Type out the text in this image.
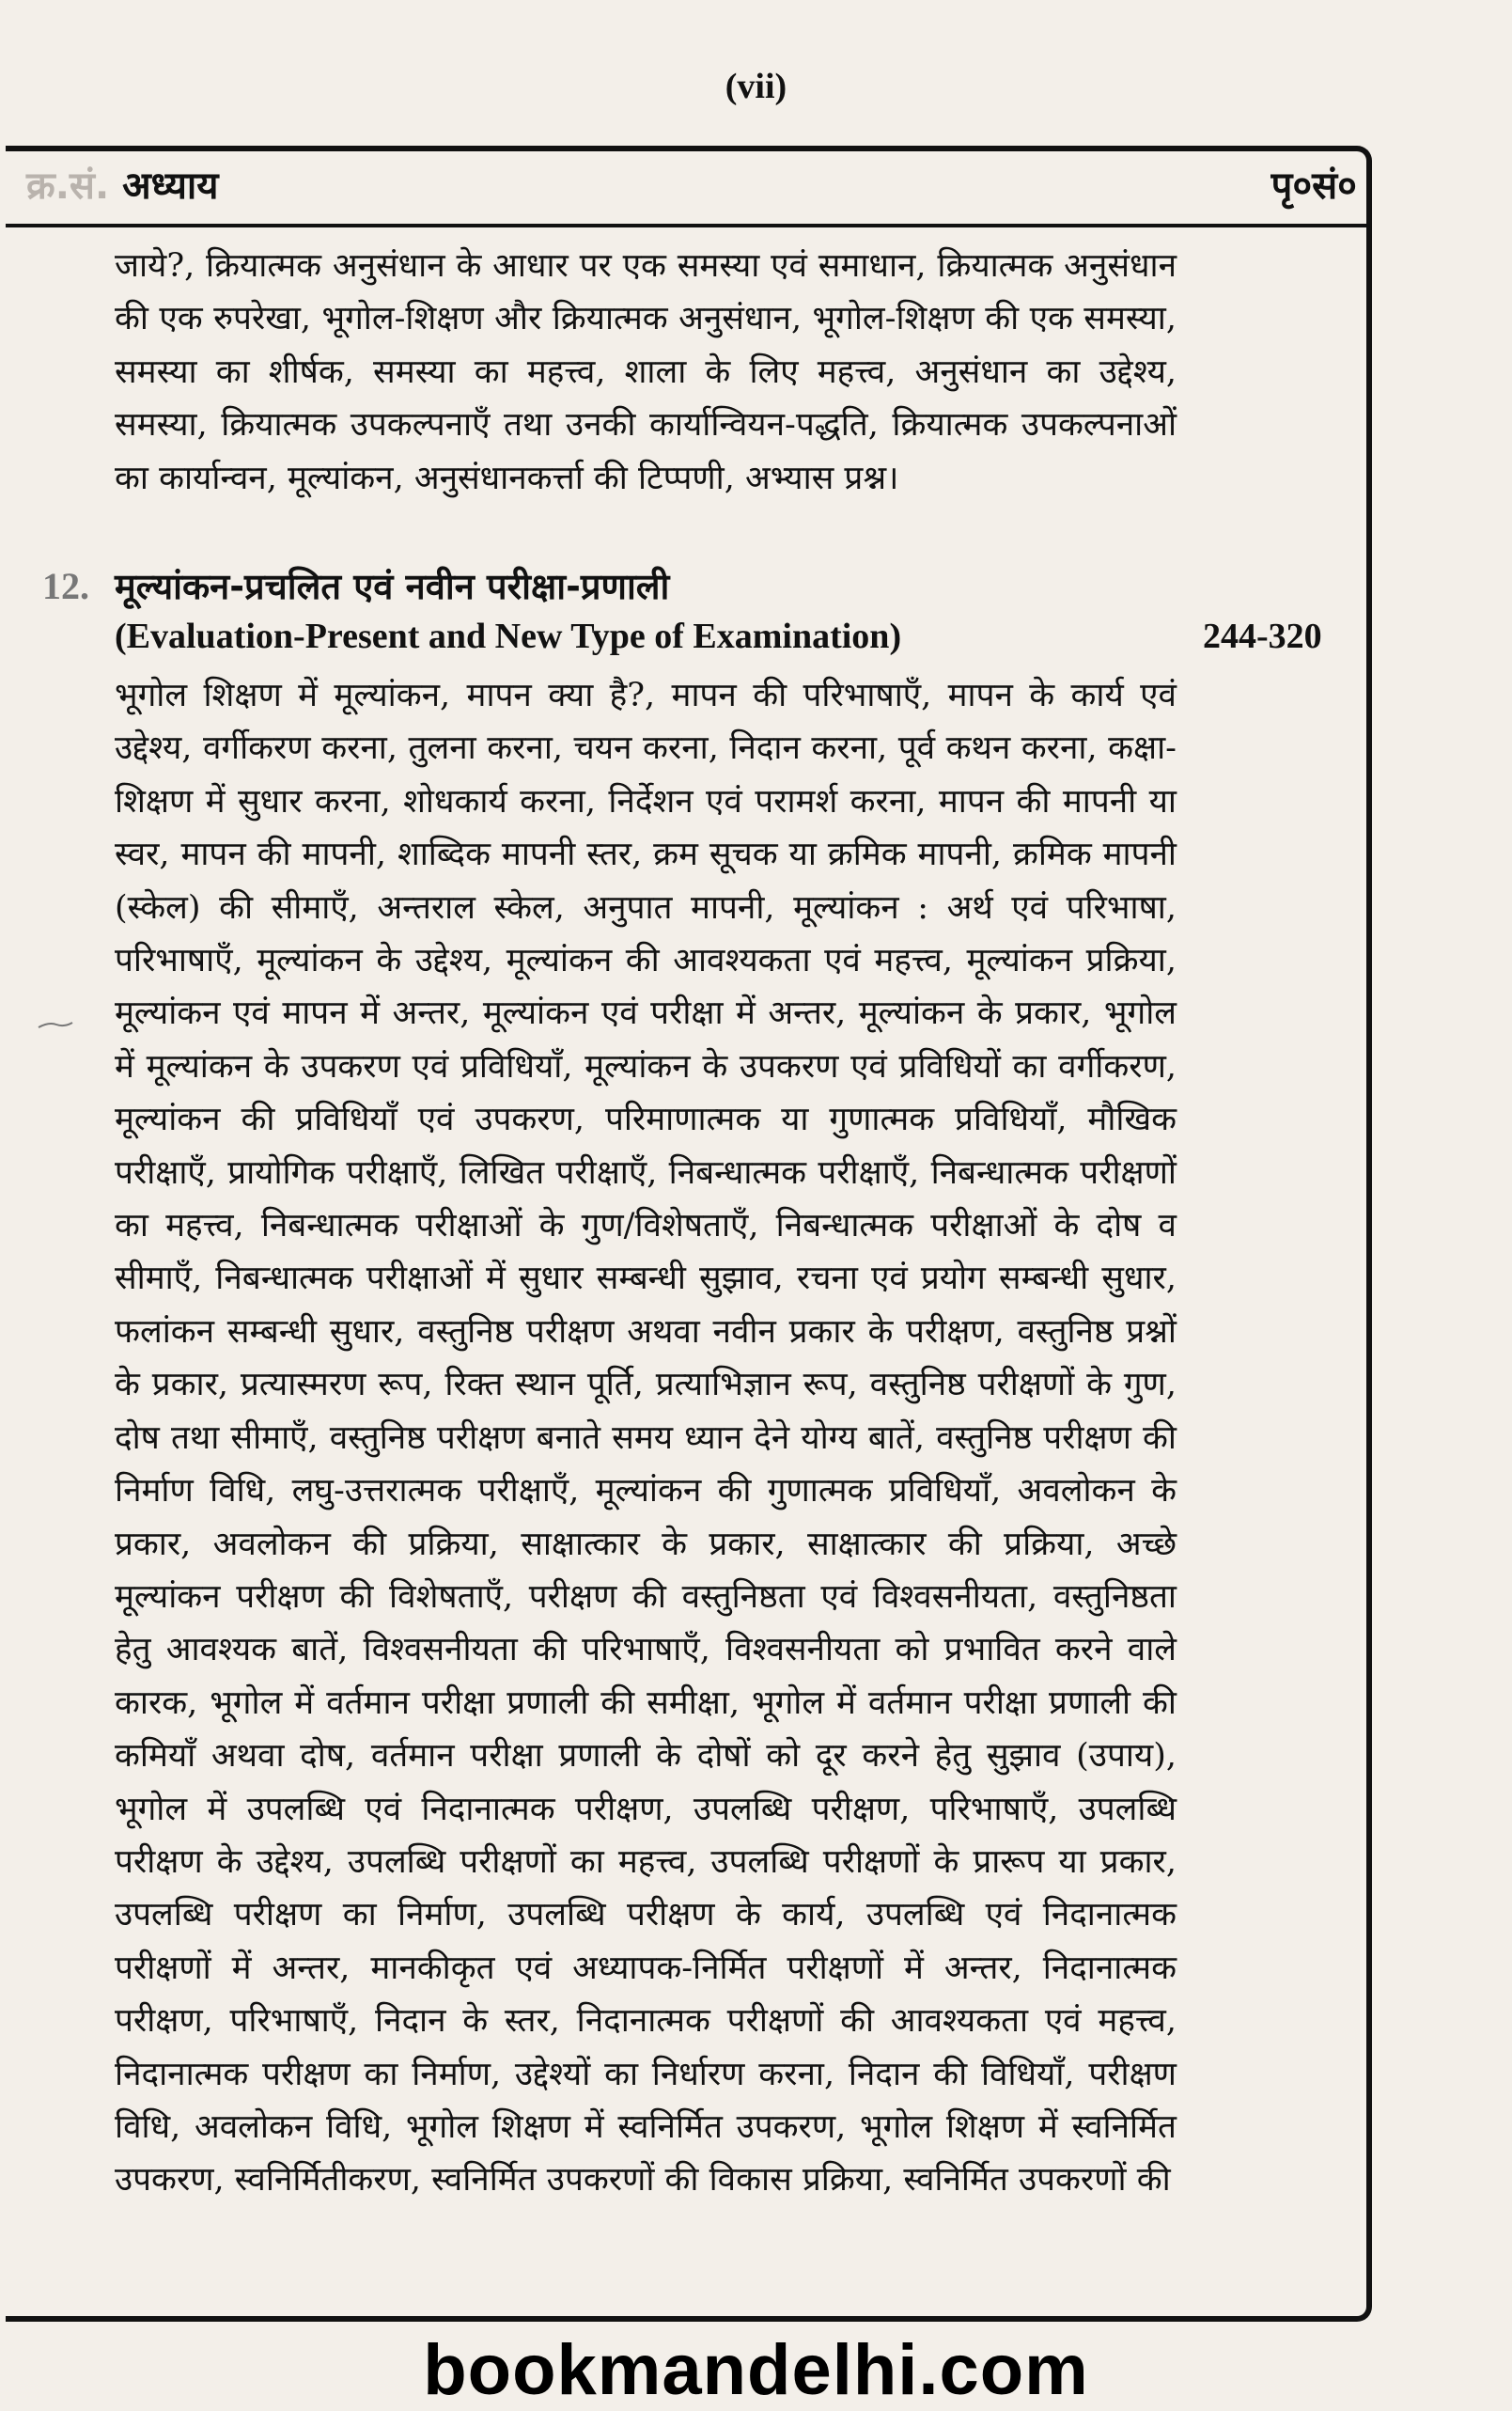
(vii)
क्र.सं. अध्याय	पृ०सं०

जाये?, क्रियात्मक अनुसंधान के आधार पर एक समस्या एवं समाधान, क्रियात्मक अनुसंधान की एक रुपरेखा, भूगोल-शिक्षण और क्रियात्मक अनुसंधान, भूगोल-शिक्षण की एक समस्या, समस्या का शीर्षक, समस्या का महत्त्व, शाला के लिए महत्त्व, अनुसंधान का उद्देश्य, समस्या, क्रियात्मक उपकल्पनाएँ तथा उनकी कार्यान्वियन-पद्धति, क्रियात्मक उपकल्पनाओं का कार्यान्वन, मूल्यांकन, अनुसंधानकर्त्ता की टिप्पणी, अभ्यास प्रश्न।

12. मूल्यांकन-प्रचलित एवं नवीन परीक्षा-प्रणाली
(Evaluation-Present and New Type of Examination)	244-320

भूगोल शिक्षण में मूल्यांकन, मापन क्या है?, मापन की परिभाषाएँ, मापन के कार्य एवं उद्देश्य, वर्गीकरण करना, तुलना करना, चयन करना, निदान करना, पूर्व कथन करना, कक्षा-शिक्षण में सुधार करना, शोधकार्य करना, निर्देशन एवं परामर्श करना, मापन की मापनी या स्वर, मापन की मापनी, शाब्दिक मापनी स्तर, क्रम सूचक या क्रमिक मापनी, क्रमिक मापनी (स्केल) की सीमाएँ, अन्तराल स्केल, अनुपात मापनी, मूल्यांकन : अर्थ एवं परिभाषा, परिभाषाएँ, मूल्यांकन के उद्देश्य, मूल्यांकन की आवश्यकता एवं महत्त्व, मूल्यांकन प्रक्रिया, मूल्यांकन एवं मापन में अन्तर, मूल्यांकन एवं परीक्षा में अन्तर, मूल्यांकन के प्रकार, भूगोल में मूल्यांकन के उपकरण एवं प्रविधियाँ, मूल्यांकन के उपकरण एवं प्रविधियों का वर्गीकरण, मूल्यांकन की प्रविधियाँ एवं उपकरण, परिमाणात्मक या गुणात्मक प्रविधियाँ, मौखिक परीक्षाएँ, प्रायोगिक परीक्षाएँ, लिखित परीक्षाएँ, निबन्धात्मक परीक्षाएँ, निबन्धात्मक परीक्षणों का महत्त्व, निबन्धात्मक परीक्षाओं के गुण/विशेषताएँ, निबन्धात्मक परीक्षाओं के दोष व सीमाएँ, निबन्धात्मक परीक्षाओं में सुधार सम्बन्धी सुझाव, रचना एवं प्रयोग सम्बन्धी सुधार, फलांकन सम्बन्धी सुधार, वस्तुनिष्ठ परीक्षण अथवा नवीन प्रकार के परीक्षण, वस्तुनिष्ठ प्रश्नों के प्रकार, प्रत्यास्मरण रूप, रिक्त स्थान पूर्ति, प्रत्याभिज्ञान रूप, वस्तुनिष्ठ परीक्षणों के गुण, दोष तथा सीमाएँ, वस्तुनिष्ठ परीक्षण बनाते समय ध्यान देने योग्य बातें, वस्तुनिष्ठ परीक्षण की निर्माण विधि, लघु-उत्तरात्मक परीक्षाएँ, मूल्यांकन की गुणात्मक प्रविधियाँ, अवलोकन के प्रकार, अवलोकन की प्रक्रिया, साक्षात्कार के प्रकार, साक्षात्कार की प्रक्रिया, अच्छे मूल्यांकन परीक्षण की विशेषताएँ, परीक्षण की वस्तुनिष्ठता एवं विश्वसनीयता, वस्तुनिष्ठता हेतु आवश्यक बातें, विश्वसनीयता की परिभाषाएँ, विश्वसनीयता को प्रभावित करने वाले कारक, भूगोल में वर्तमान परीक्षा प्रणाली की समीक्षा, भूगोल में वर्तमान परीक्षा प्रणाली की कमियाँ अथवा दोष, वर्तमान परीक्षा प्रणाली के दोषों को दूर करने हेतु सुझाव (उपाय), भूगोल में उपलब्धि एवं निदानात्मक परीक्षण, उपलब्धि परीक्षण, परिभाषाएँ, उपलब्धि परीक्षण के उद्देश्य, उपलब्धि परीक्षणों का महत्त्व, उपलब्धि परीक्षणों के प्रारूप या प्रकार, उपलब्धि परीक्षण का निर्माण, उपलब्धि परीक्षण के कार्य, उपलब्धि एवं निदानात्मक परीक्षणों में अन्तर, मानकीकृत एवं अध्यापक-निर्मित परीक्षणों में अन्तर, निदानात्मक परीक्षण, परिभाषाएँ, निदान के स्तर, निदानात्मक परीक्षणों की आवश्यकता एवं महत्त्व, निदानात्मक परीक्षण का निर्माण, उद्देश्यों का निर्धारण करना, निदान की विधियाँ, परीक्षण विधि, अवलोकन विधि, भूगोल शिक्षण में स्वनिर्मित उपकरण, भूगोल शिक्षण में स्वनिर्मित उपकरण, स्वनिर्मितीकरण, स्वनिर्मित उपकरणों की विकास प्रक्रिया, स्वनिर्मित उपकरणों की

bookmandelhi.com
